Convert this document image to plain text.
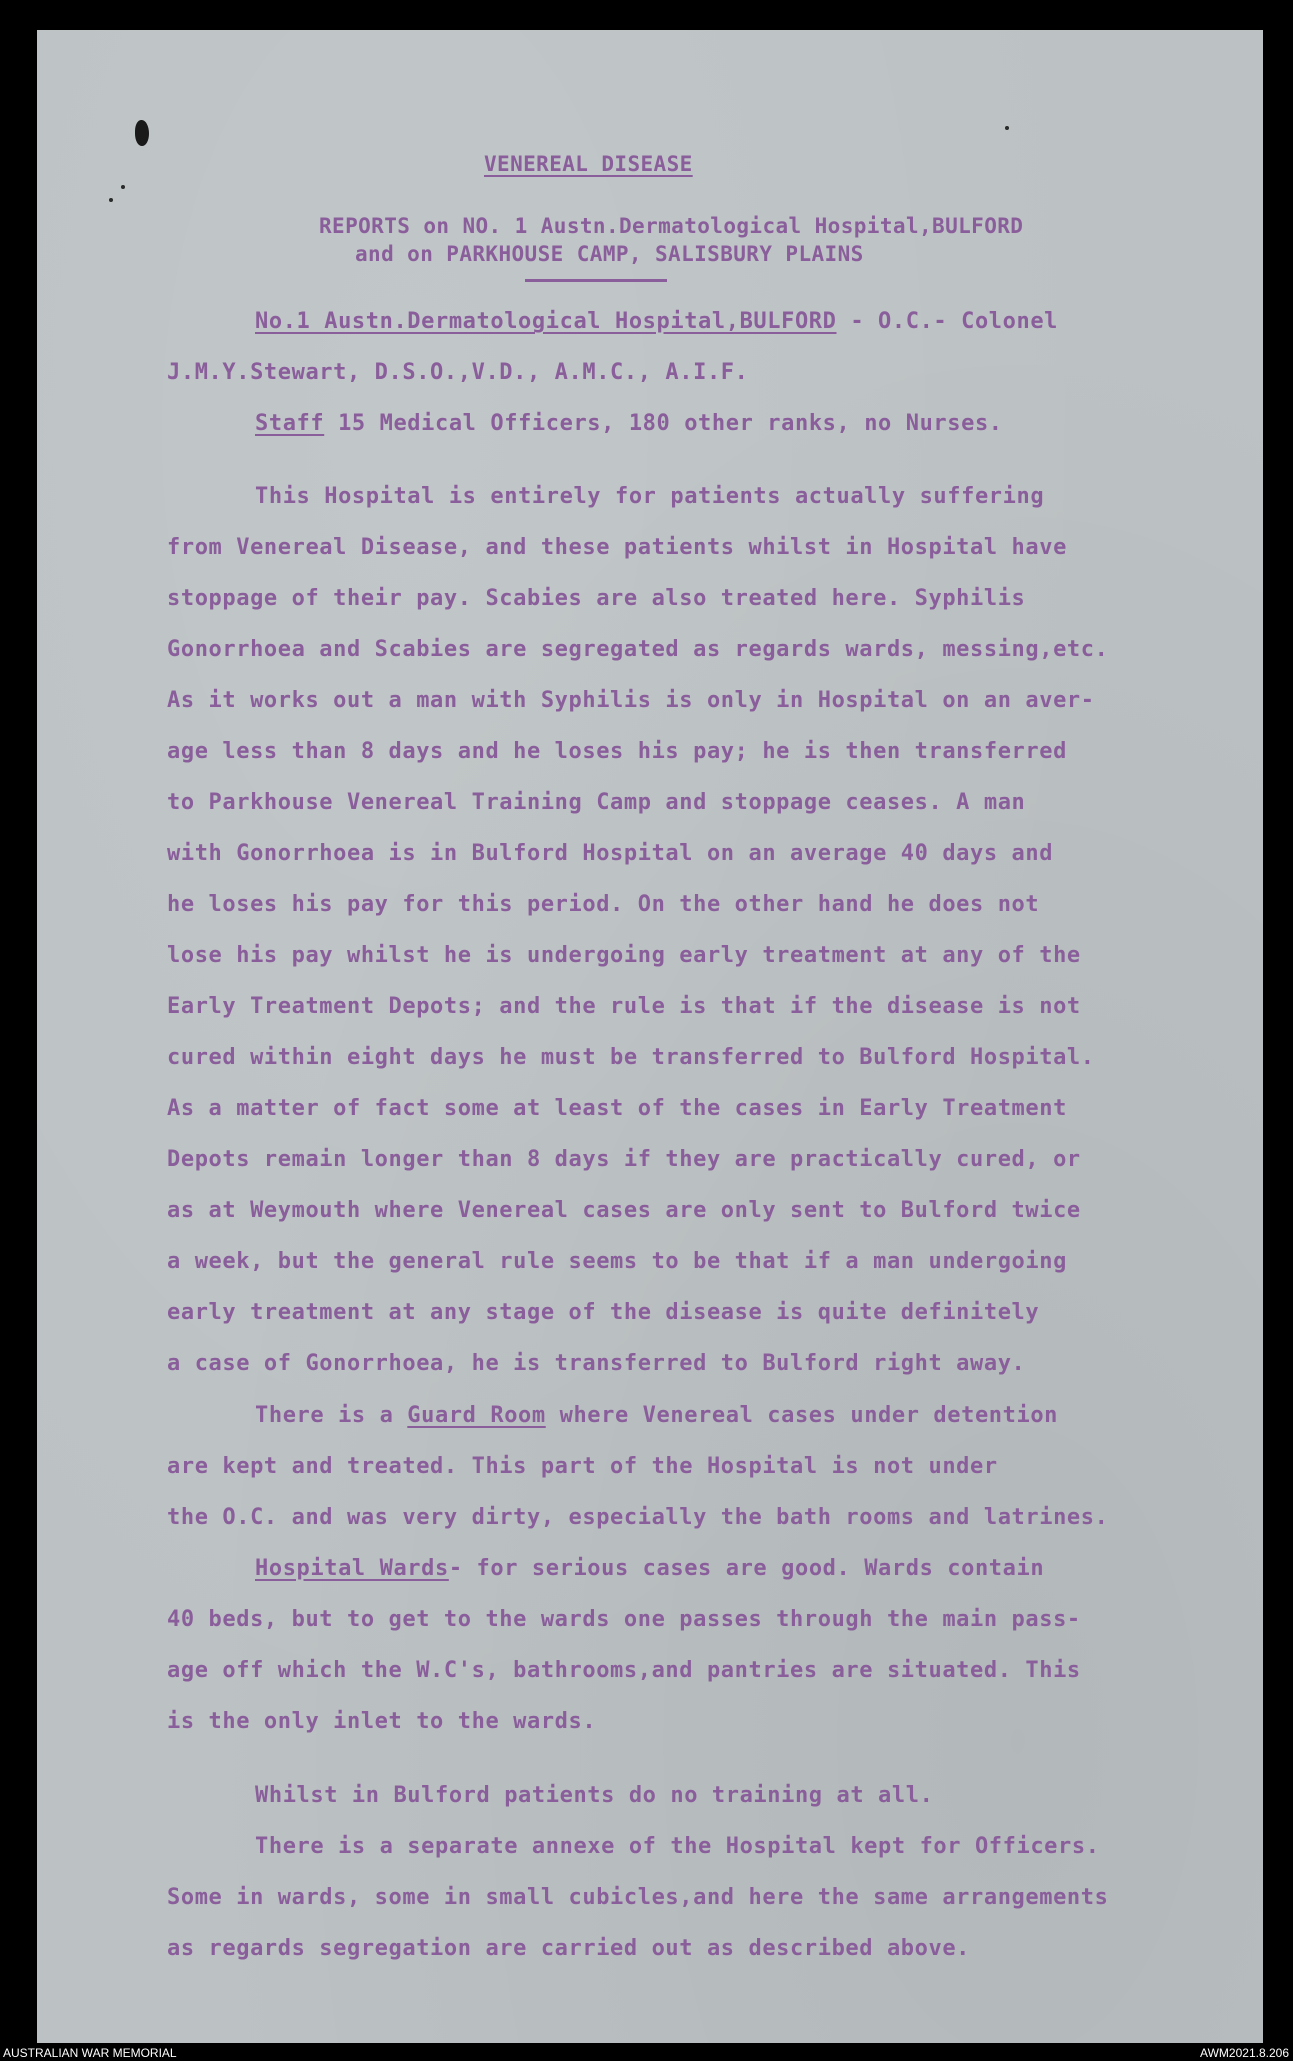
VENEREAL DISEASE

REPORTS on NO. 1 Austn.Dermatological Hospital,BULFORD

and on PARKHOUSE CAMP, SALISBURY PLAINS

No.1 Austn.Dermatological Hospital,BULFORD - O.C.- Colonel

J.M.Y.Stewart, D.S.O.,V.D., A.M.C., A.I.F.

Staff 15 Medical Officers, 180 other ranks, no Nurses.

This Hospital is entirely for patients actually suffering

from Venereal Disease, and these patients whilst in Hospital have

stoppage of their pay. Scabies are also treated here. Syphilis

Gonorrhoea and Scabies are segregated as regards wards, messing,etc.

As it works out a man with Syphilis is only in Hospital on an aver-

age less than 8 days and he loses his pay; he is then transferred

to Parkhouse Venereal Training Camp and stoppage ceases. A man

with Gonorrhoea is in Bulford Hospital on an average 40 days and

he loses his pay for this period. On the other hand he does not

lose his pay whilst he is undergoing early treatment at any of the

Early Treatment Depots; and the rule is that if the disease is not

cured within eight days he must be transferred to Bulford Hospital.

As a matter of fact some at least of the cases in Early Treatment

Depots remain longer than 8 days if they are practically cured, or

as at Weymouth where Venereal cases are only sent to Bulford twice

a week, but the general rule seems to be that if a man undergoing

early treatment at any stage of the disease is quite definitely

a case of Gonorrhoea, he is transferred to Bulford right away.

There is a Guard Room where Venereal cases under detention

are kept and treated. This part of the Hospital is not under

the O.C. and was very dirty, especially the bath rooms and latrines.

Hospital Wards- for serious cases are good. Wards contain

40 beds, but to get to the wards one passes through the main pass-

age off which the W.C's, bathrooms,and pantries are situated. This

is the only inlet to the wards.

Whilst in Bulford patients do no training at all.

There is a separate annexe of the Hospital kept for Officers.

Some in wards, some in small cubicles,and here the same arrangements

as regards segregation are carried out as described above.

AUSTRALIAN WAR MEMORIAL	AWM2021.8.206
